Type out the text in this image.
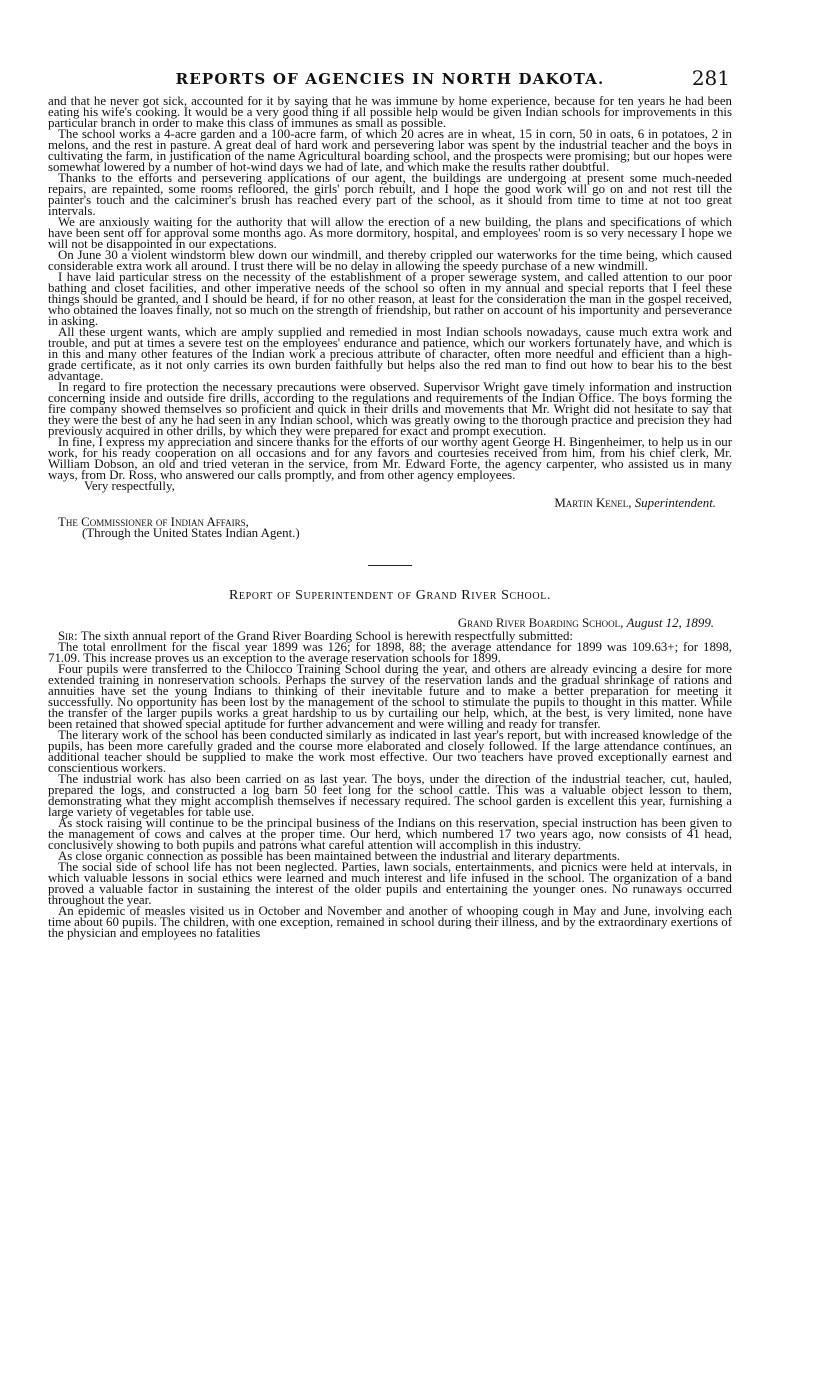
REPORTS OF AGENCIES IN NORTH DAKOTA.	281

and that he never got sick, accounted for it by saying that he was immune by home experience, because for ten years he had been eating his wife's cooking. It would be a very good thing if all possible help would be given Indian schools for improvements in this particular branch in order to make this class of immunes as small as possible.

The school works a 4-acre garden and a 100-acre farm, of which 20 acres are in wheat, 15 in corn, 50 in oats, 6 in potatoes, 2 in melons, and the rest in pasture. A great deal of hard work and persevering labor was spent by the industrial teacher and the boys in cultivating the farm, in justification of the name Agricultural boarding school, and the prospects were promising; but our hopes were somewhat lowered by a number of hot-wind days we had of late, and which make the results rather doubtful.

Thanks to the efforts and persevering applications of our agent, the buildings are undergoing at present some much-needed repairs, are repainted, some rooms refloored, the girls' porch rebuilt, and I hope the good work will go on and not rest till the painter's touch and the calciminer's brush has reached every part of the school, as it should from time to time at not too great intervals.

We are anxiously waiting for the authority that will allow the erection of a new building, the plans and specifications of which have been sent off for approval some months ago. As more dormitory, hospital, and employees' room is so very necessary I hope we will not be disappointed in our expectations.

On June 30 a violent windstorm blew down our windmill, and thereby crippled our waterworks for the time being, which caused considerable extra work all around. I trust there will be no delay in allowing the speedy purchase of a new windmill.

I have laid particular stress on the necessity of the establishment of a proper sewerage system, and called attention to our poor bathing and closet facilities, and other imperative needs of the school so often in my annual and special reports that I feel these things should be granted, and I should be heard, if for no other reason, at least for the consideration the man in the gospel received, who obtained the loaves finally, not so much on the strength of friendship, but rather on account of his importunity and perseverance in asking.

All these urgent wants, which are amply supplied and remedied in most Indian schools nowadays, cause much extra work and trouble, and put at times a severe test on the employees' endurance and patience, which our workers fortunately have, and which is in this and many other features of the Indian work a precious attribute of character, often more needful and efficient than a high-grade certificate, as it not only carries its own burden faithfully but helps also the red man to find out how to bear his to the best advantage.

In regard to fire protection the necessary precautions were observed. Supervisor Wright gave timely information and instruction concerning inside and outside fire drills, according to the regulations and requirements of the Indian Office. The boys forming the fire company showed themselves so proficient and quick in their drills and movements that Mr. Wright did not hesitate to say that they were the best of any he had seen in any Indian school, which was greatly owing to the thorough practice and precision they had previously acquired in other drills, by which they were prepared for exact and prompt execution.

In fine, I express my appreciation and sincere thanks for the efforts of our worthy agent George H. Bingenheimer, to help us in our work, for his ready cooperation on all occasions and for any favors and courtesies received from him, from his chief clerk, Mr. William Dobson, an old and tried veteran in the service, from Mr. Edward Forte, the agency carpenter, who assisted us in many ways, from Dr. Ross, who answered our calls promptly, and from other agency employees.

Very respectfully,

Martin Kenel, Superintendent.

The Commissioner of Indian Affairs,
(Through the United States Indian Agent.)

Report of Superintendent of Grand River School.

Grand River Boarding School, August 12, 1899.

Sir: The sixth annual report of the Grand River Boarding School is herewith respectfully submitted:

The total enrollment for the fiscal year 1899 was 126; for 1898, 88; the average attendance for 1899 was 109.63+; for 1898, 71.09. This increase proves us an exception to the average reservation schools for 1899.

Four pupils were transferred to the Chilocco Training School during the year, and others are already evincing a desire for more extended training in nonreservation schools. Perhaps the survey of the reservation lands and the gradual shrinkage of rations and annuities have set the young Indians to thinking of their inevitable future and to make a better preparation for meeting it successfully. No opportunity has been lost by the management of the school to stimulate the pupils to thought in this matter. While the transfer of the larger pupils works a great hardship to us by curtailing our help, which, at the best, is very limited, none have been retained that showed special aptitude for further advancement and were willing and ready for transfer.

The literary work of the school has been conducted similarly as indicated in last year's report, but with increased knowledge of the pupils, has been more carefully graded and the course more elaborated and closely followed. If the large attendance continues, an additional teacher should be supplied to make the work most effective. Our two teachers have proved exceptionally earnest and conscientious workers.

The industrial work has also been carried on as last year. The boys, under the direction of the industrial teacher, cut, hauled, prepared the logs, and constructed a log barn 50 feet long for the school cattle. This was a valuable object lesson to them, demonstrating what they might accomplish themselves if necessary required. The school garden is excellent this year, furnishing a large variety of vegetables for table use.

As stock raising will continue to be the principal business of the Indians on this reservation, special instruction has been given to the management of cows and calves at the proper time. Our herd, which numbered 17 two years ago, now consists of 41 head, conclusively showing to both pupils and patrons what careful attention will accomplish in this industry.

As close organic connection as possible has been maintained between the industrial and literary departments.

The social side of school life has not been neglected. Parties, lawn socials, entertainments, and picnics were held at intervals, in which valuable lessons in social ethics were learned and much interest and life infused in the school. The organization of a band proved a valuable factor in sustaining the interest of the older pupils and entertaining the younger ones. No runaways occurred throughout the year.

An epidemic of measles visited us in October and November and another of whooping cough in May and June, involving each time about 60 pupils. The children, with one exception, remained in school during their illness, and by the extraordinary exertions of the physician and employees no fatalities
